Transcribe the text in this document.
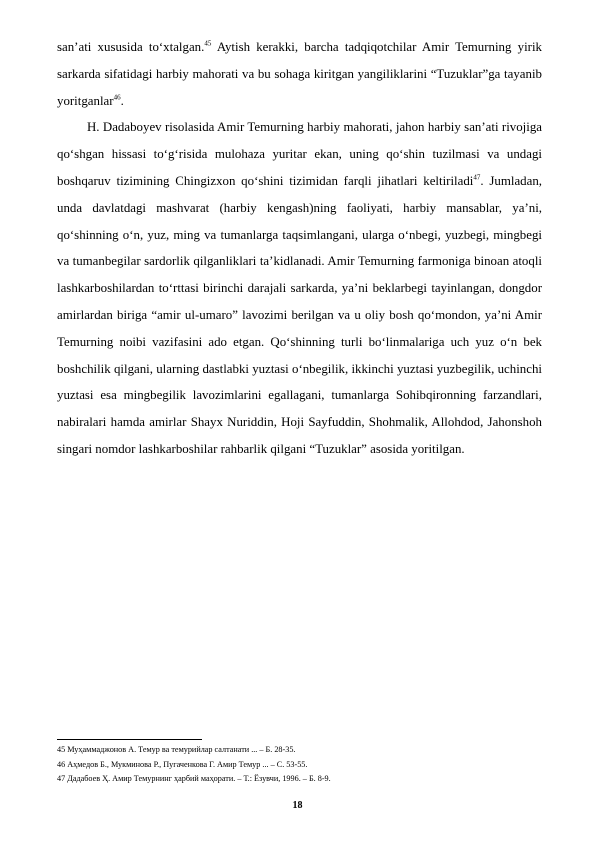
san’ati xususida to‘xtalgan.$^{45}$ Aytish kerakki, barcha tadqiqotchilar Amir Temurning yirik sarkarda sifatidagi harbiy mahorati va bu sohaga kiritgan yangiliklarini “Tuzuklar”ga tayanib yoritganlar$^{46}$.

H. Dadaboyev risolasida Amir Temurning harbiy mahorati, jahon harbiy san’ati rivojiga qo‘shgan hissasi to‘g‘risida mulohaza yuritar ekan, uning qo‘shin tuzilmasi va undagi boshqaruv tizimining Chingizxon qo‘shini tizimidan farqli jihatlari keltiriladi$^{47}$. Jumladan, unda davlatdagi mashvarat (harbiy kengash)ning faoliyati, harbiy mansablar, ya’ni, qo‘shinning o‘n, yuz, ming va tumanlarga taqsimlangani, ularga o‘nbegi, yuzbegi, mingbegi va tumanbegilar sardorlik qilganliklari ta’kidlanadi. Amir Temurning farmoniga binoan atoqli lashkarboshilardan to‘rttasi birinchi darajali sarkarda, ya’ni beklarbegi tayinlangan, dongdor amirlardan biriga “amir ul-umaro” lavozimi berilgan va u oliy bosh qo‘mondon, ya’ni Amir Temurning noibi vazifasini ado etgan. Qo‘shinning turli bo‘linmalariga uch yuz o‘n bek boshchilik qilgani, ularning dastlabki yuztasi o‘nbegilik, ikkinchi yuztasi yuzbegilik, uchinchi yuztasi esa mingbegilik lavozimlarini egallagani, tumanlarga Sohibqironning farzandlari, nabiralari hamda amirlar Shayx Nuriddin, Hoji Sayfuddin, Shohmalik, Allohdod, Jahonshoh singari nomdor lashkarboshilar rahbarlik qilgani “Tuzuklar” asosida yoritilgan.

45 Муҳаммаджонов А. Темур ва темурийлар салтанати ... – Б. 28-35.
46 Аҳмедов Б., Мукминова Р., Пугаченкова Г. Амир Темур ... – С. 53-55.
47 Дадабоев Ҳ. Амир Темурнинг ҳарбий маҳорати. – Т.: Ёзувчи, 1996. – Б. 8-9.
18
